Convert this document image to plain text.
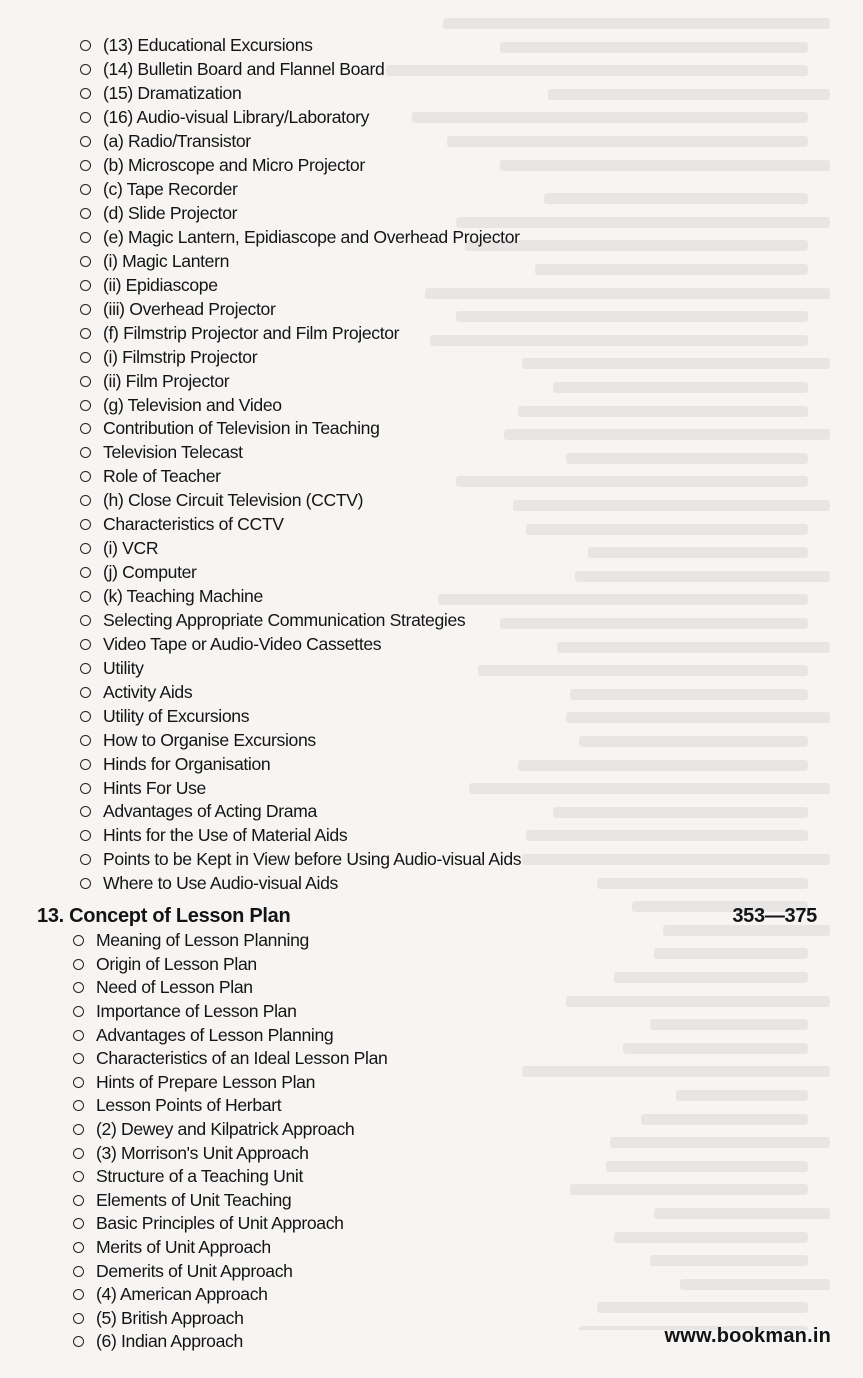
(13) Educational Excursions
(14) Bulletin Board and Flannel Board
(15) Dramatization
(16) Audio-visual Library/Laboratory
(a) Radio/Transistor
(b) Microscope and Micro Projector
(c) Tape Recorder
(d) Slide Projector
(e) Magic Lantern, Epidiascope and Overhead Projector
(i) Magic Lantern
(ii) Epidiascope
(iii) Overhead Projector
(f) Filmstrip Projector and Film Projector
(i) Filmstrip Projector
(ii) Film Projector
(g) Television and Video
Contribution of Television in Teaching
Television Telecast
Role of Teacher
(h) Close Circuit Television (CCTV)
Characteristics of CCTV
(i) VCR
(j) Computer
(k) Teaching Machine
Selecting Appropriate Communication Strategies
Video Tape or Audio-Video Cassettes
Utility
Activity Aids
Utility of Excursions
How to Organise Excursions
Hinds for Organisation
Hints For Use
Advantages of Acting Drama
Hints for the Use of Material Aids
Points to be Kept in View before Using Audio-visual Aids
Where to Use Audio-visual Aids
13. Concept of Lesson Plan	353—375
Meaning of Lesson Planning
Origin of Lesson Plan
Need of Lesson Plan
Importance of Lesson Plan
Advantages of Lesson Planning
Characteristics of an Ideal Lesson Plan
Hints of Prepare Lesson Plan
Lesson Points of Herbart
(2) Dewey and Kilpatrick Approach
(3) Morrison's Unit Approach
Structure of a Teaching Unit
Elements of Unit Teaching
Basic Principles of Unit Approach
Merits of Unit Approach
Demerits of Unit Approach
(4) American Approach
(5) British Approach
(6) Indian Approach	www.bookman.in
